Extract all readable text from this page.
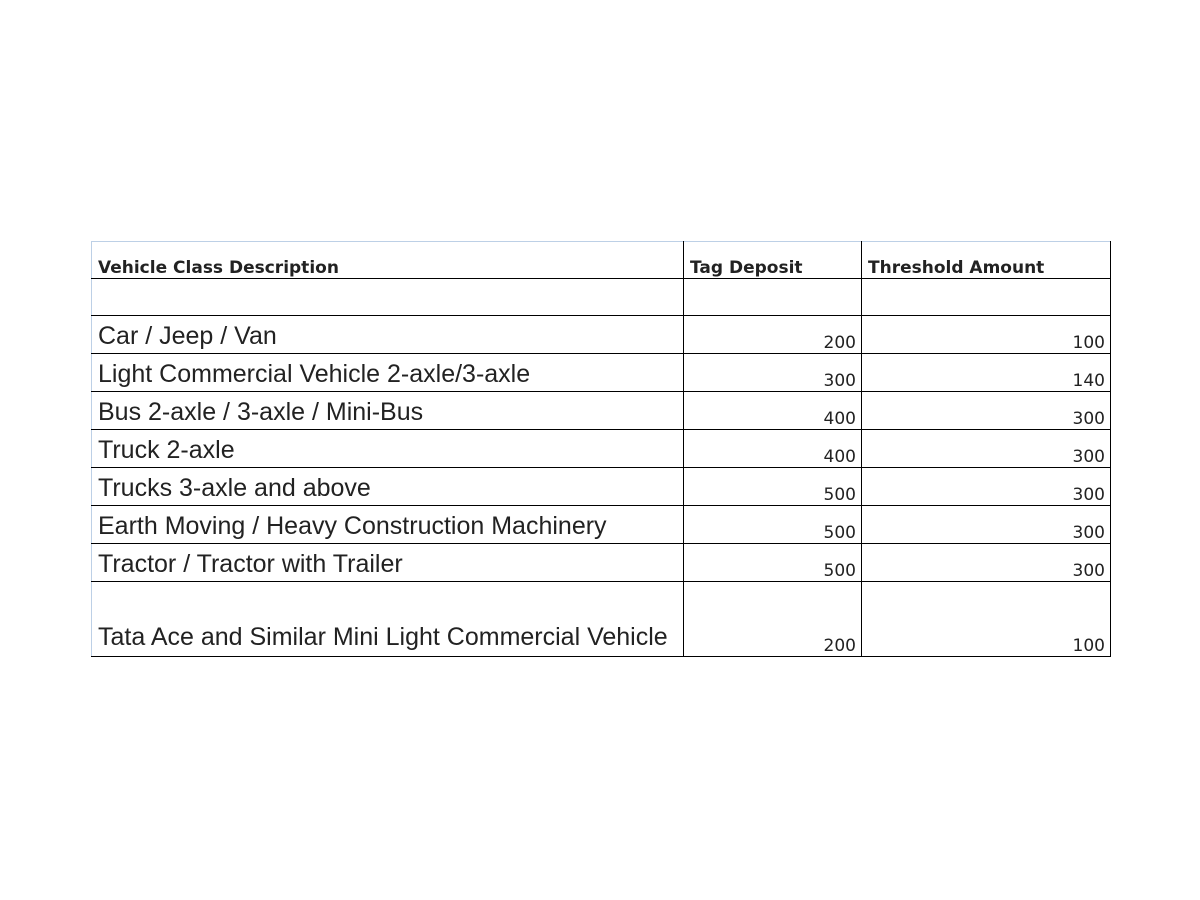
Vehicle Class Description	Tag Deposit	Threshold Amount

Car / Jeep / Van	200	100
Light Commercial Vehicle 2-axle/3-axle	300	140
Bus 2-axle / 3-axle / Mini-Bus	400	300
Truck 2-axle	400	300
Trucks 3-axle and above	500	300
Earth Moving / Heavy Construction Machinery	500	300
Tractor / Tractor with Trailer	500	300
Tata Ace and Similar Mini Light Commercial Vehicle	200	100
